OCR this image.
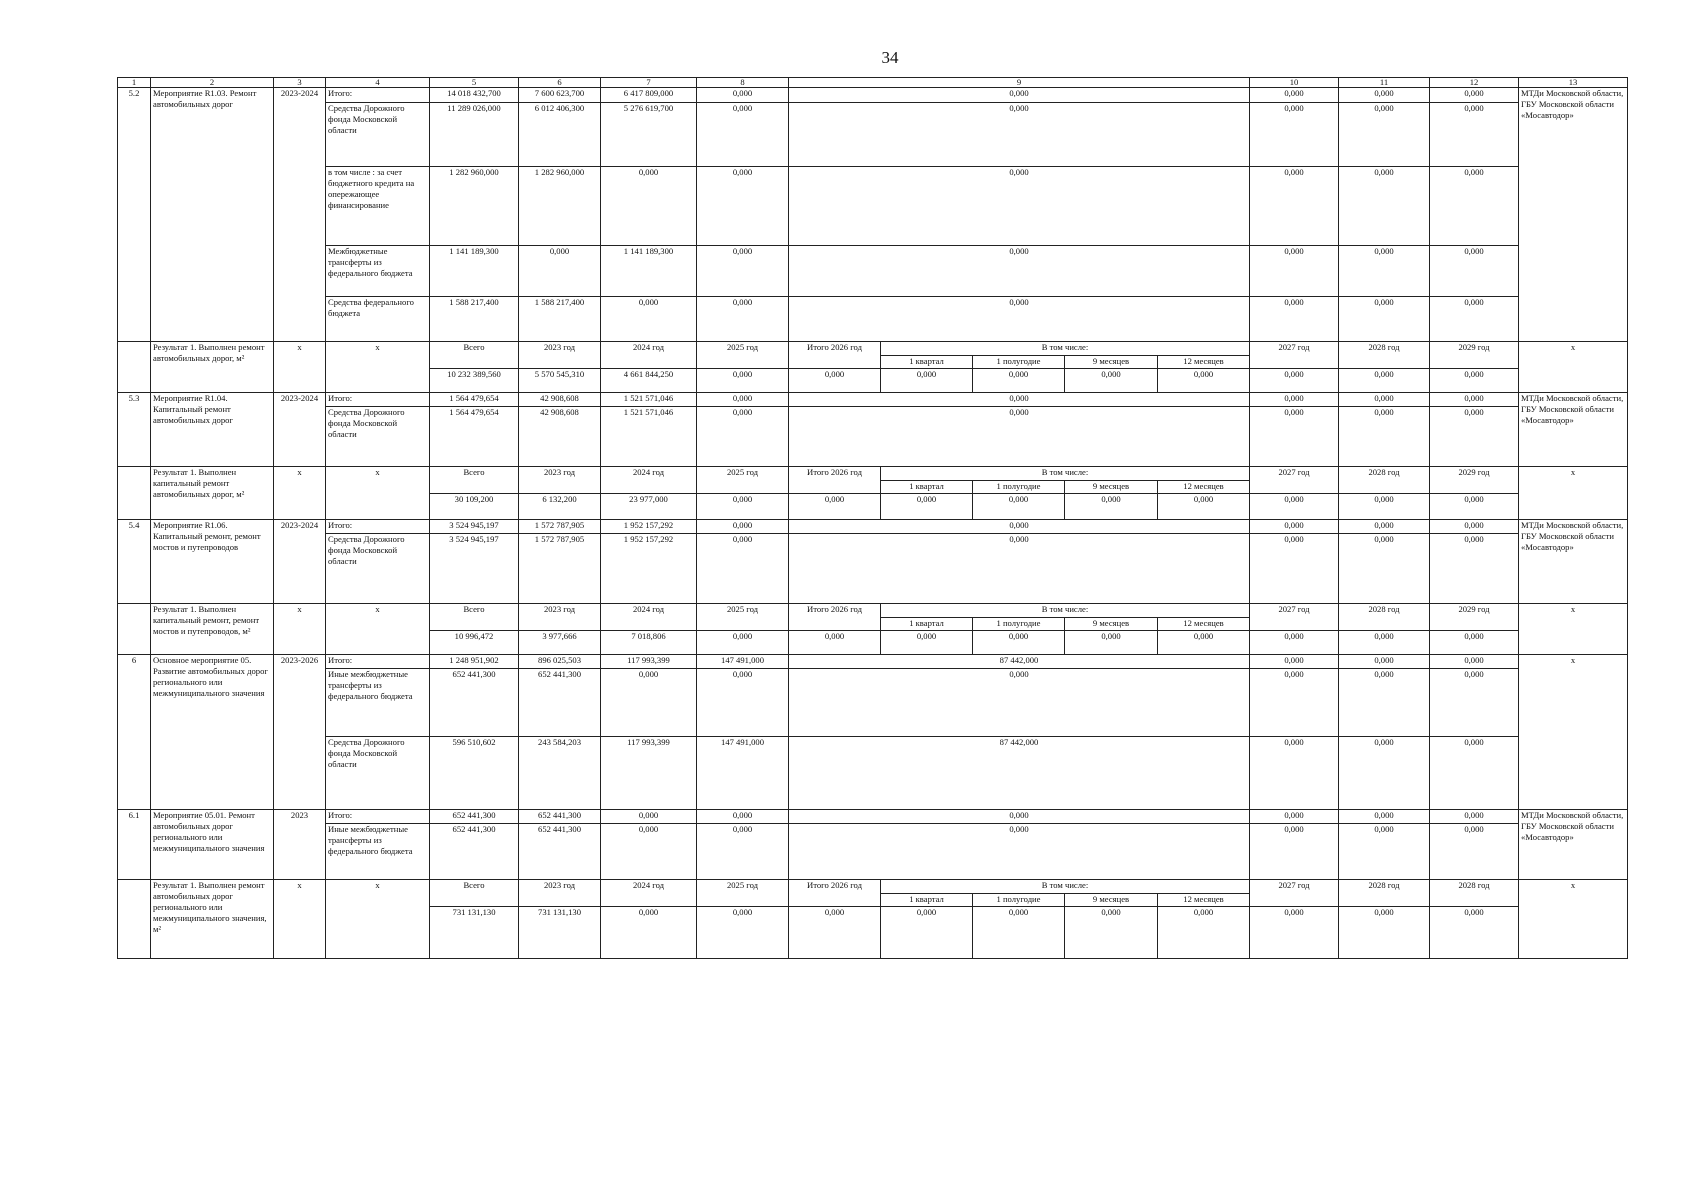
34
1	2	3	4	5	6	7	8	9					10	11	12	13
5.2	Мероприятие R1.03. Ремонт автомобильных дорог	2023-2024	Итого:	14 018 432,700	7 600 623,700	6 417 809,000	0,000	0,000					0,000	0,000	0,000	МТДи Московской области, ГБУ Московской области «Мосавтодор»
			Средства Дорожного фонда Московской области	11 289 026,000	6 012 406,300	5 276 619,700	0,000	0,000					0,000	0,000	0,000	
			в том числе : за счет бюджетного кредита на опережающее финансирование	1 282 960,000	1 282 960,000	0,000	0,000	0,000					0,000	0,000	0,000	
			Межбюджетные трансферты из федерального бюджета	1 141 189,300	0,000	1 141 189,300	0,000	0,000					0,000	0,000	0,000	
			Средства федерального бюджета	1 588 217,400	1 588 217,400	0,000	0,000	0,000					0,000	0,000	0,000	
	Результат 1. Выполнен ремонт автомобильных дорог, м²	x	x	Всего	2023 год	2024 год	2025 год	Итого 2026 год	В том числе:				2027 год	2028 год	2029 год	x
									1 квартал	1 полугодие	9 месяцев	12 месяцев				
				10 232 389,560	5 570 545,310	4 661 844,250	0,000	0,000	0,000	0,000	0,000	0,000	0,000	0,000	0,000	
5.3	Мероприятие R1.04. Капитальный ремонт автомобильных дорог	2023-2024	Итого:	1 564 479,654	42 908,608	1 521 571,046	0,000	0,000					0,000	0,000	0,000	МТДи Московской области, ГБУ Московской области «Мосавтодор»
			Средства Дорожного фонда Московской области	1 564 479,654	42 908,608	1 521 571,046	0,000	0,000					0,000	0,000	0,000	
	Результат 1. Выполнен капитальный ремонт автомобильных дорог, м²	x	x	Всего	2023 год	2024 год	2025 год	Итого 2026 год	В том числе:				2027 год	2028 год	2029 год	x
									1 квартал	1 полугодие	9 месяцев	12 месяцев				
				30 109,200	6 132,200	23 977,000	0,000	0,000	0,000	0,000	0,000	0,000	0,000	0,000	0,000	
5.4	Мероприятие R1.06. Капитальный ремонт, ремонт мостов и путепроводов	2023-2024	Итого:	3 524 945,197	1 572 787,905	1 952 157,292	0,000	0,000					0,000	0,000	0,000	МТДи Московской области, ГБУ Московской области «Мосавтодор»
			Средства Дорожного фонда Московской области	3 524 945,197	1 572 787,905	1 952 157,292	0,000	0,000					0,000	0,000	0,000	
	Результат 1. Выполнен капитальный ремонт, ремонт мостов и путепроводов, м²	x	x	Всего	2023 год	2024 год	2025 год	Итого 2026 год	В том числе:				2027 год	2028 год	2029 год	x
									1 квартал	1 полугодие	9 месяцев	12 месяцев				
				10 996,472	3 977,666	7 018,806	0,000	0,000	0,000	0,000	0,000	0,000	0,000	0,000	0,000	
6	Основное мероприятие 05. Развитие автомобильных дорог регионального или межмуниципального значения	2023-2026	Итого:	1 248 951,902	896 025,503	117 993,399	147 491,000	87 442,000					0,000	0,000	0,000	x
			Иные межбюджетные трансферты из федерального бюджета	652 441,300	652 441,300	0,000	0,000	0,000					0,000	0,000	0,000	
			Средства Дорожного фонда Московской области	596 510,602	243 584,203	117 993,399	147 491,000	87 442,000					0,000	0,000	0,000	
6.1	Мероприятие 05.01. Ремонт автомобильных дорог регионального или межмуниципального значения	2023	Итого:	652 441,300	652 441,300	0,000	0,000	0,000					0,000	0,000	0,000	МТДи Московской области, ГБУ Московской области «Мосавтодор»
			Иные межбюджетные трансферты из федерального бюджета	652 441,300	652 441,300	0,000	0,000	0,000					0,000	0,000	0,000	
	Результат 1. Выполнен ремонт автомобильных дорог регионального или межмуниципального значения, м²	x	x	Всего	2023 год	2024 год	2025 год	Итого 2026 год	В том числе:				2027 год	2028 год	2028 год	x
									1 квартал	1 полугодие	9 месяцев	12 месяцев				
				731 131,130	731 131,130	0,000	0,000	0,000	0,000	0,000	0,000	0,000	0,000	0,000	0,000	
